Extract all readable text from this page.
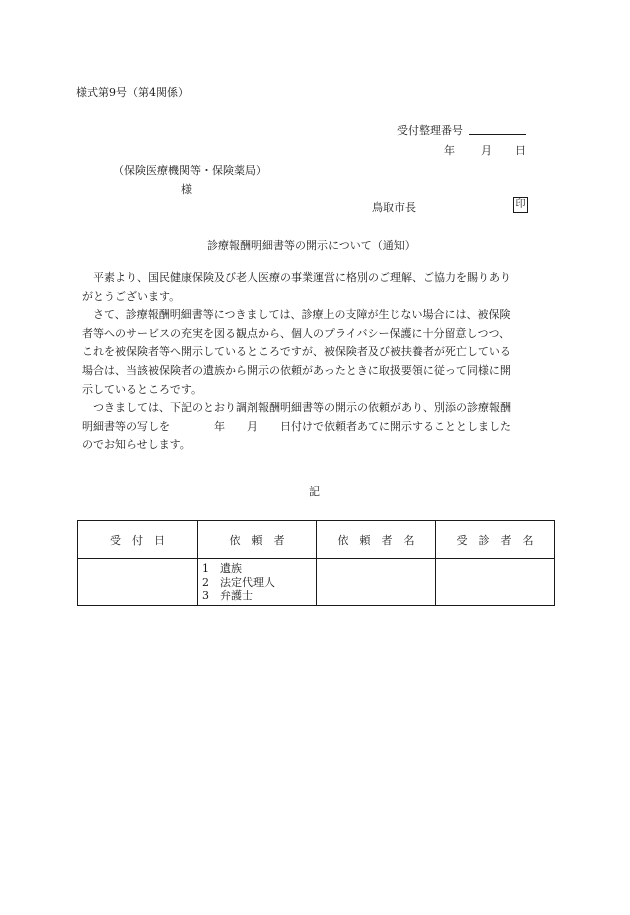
様式第9号（第4関係）
受付整理番号
年 月 日
（保険医療機関等・保険薬局）
様
鳥取市長	印
診療報酬明細書等の開示について（通知）
　平素より、国民健康保険及び老人医療の事業運営に格別のご理解、ご協力を賜りあり
がとうございます。
　さて、診療報酬明細書等につきましては、診療上の支障が生じない場合には、被保険
者等へのサービスの充実を図る観点から、個人のプライバシー保護に十分留意しつつ、
これを被保険者等へ開示しているところですが、被保険者及び被扶養者が死亡している
場合は、当該被保険者の遺族から開示の依頼があったときに取扱要領に従って同様に開
示しているところです。
　つきましては、下記のとおり調剤報酬明細書等の開示の依頼があり、別添の診療報酬
明細書等の写しを　　　　年　　月　　日付けで依頼者あてに開示することとしました
のでお知らせします。
記
受　付　日	依　頼　者	依　頼　者　名	受　診　者　名

	1　遺族
2　法定代理人
3　弁護士		
